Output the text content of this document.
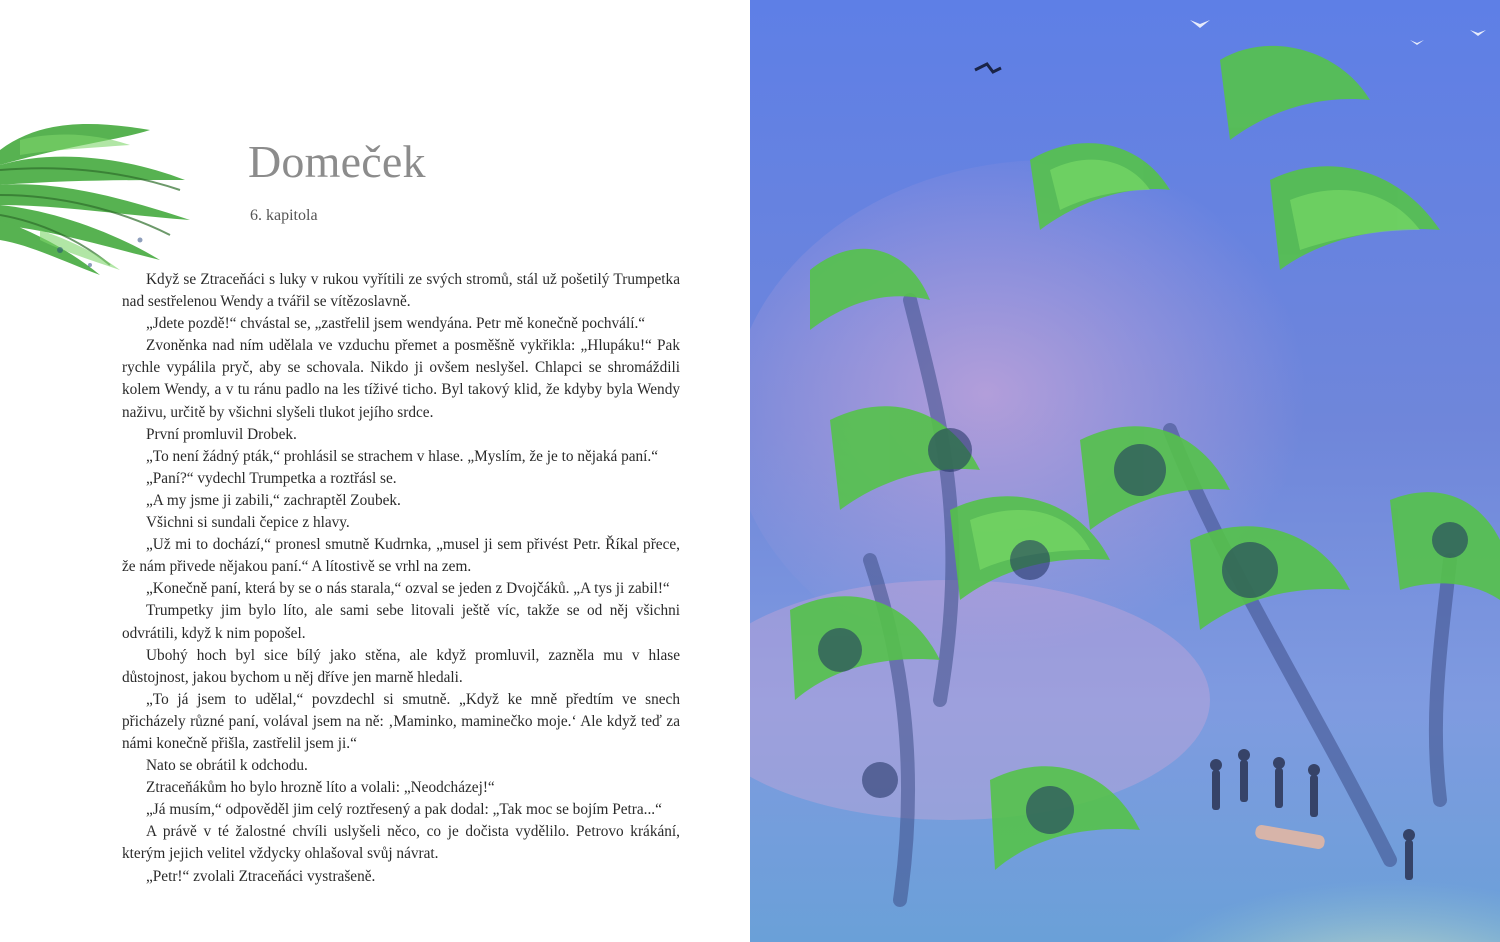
Domeček
6. kapitola

Když se Ztraceňáci s luky v rukou vyřítili ze svých stromů, stál už pošetilý Trumpetka nad sestřelenou Wendy a tvářil se vítězoslavně.

„Jdete pozdě!“ chvástal se, „zastřelil jsem wendyána. Petr mě konečně pochválí.“

Zvoněnka nad ním udělala ve vzduchu přemet a posměšně vykřikla: „Hlupáku!“ Pak rychle vypálila pryč, aby se schovala. Nikdo ji ovšem neslyšel. Chlapci se shromáždili kolem Wendy, a v tu ránu padlo na les tíživé ticho. Byl takový klid, že kdyby byla Wendy naživu, určitě by všichni slyšeli tlukot jejího srdce.

První promluvil Drobek.

„To není žádný pták,“ prohlásil se strachem v hlase. „Myslím, že je to nějaká paní.“

„Paní?“ vydechl Trumpetka a roztřásl se.

„A my jsme ji zabili,“ zachraptěl Zoubek.

Všichni si sundali čepice z hlavy.

„Už mi to dochází,“ pronesl smutně Kudrnka, „musel ji sem přivést Petr. Říkal přece, že nám přivede nějakou paní.“ A lítostivě se vrhl na zem.

„Konečně paní, která by se o nás starala,“ ozval se jeden z Dvojčáků. „A tys ji zabil!“

Trumpetky jim bylo líto, ale sami sebe litovali ještě víc, takže se od něj všichni odvrátili, když k nim popošel.

Ubohý hoch byl sice bílý jako stěna, ale když promluvil, zazněla mu v hlase důstojnost, jakou bychom u něj dříve jen marně hledali.

„To já jsem to udělal,“ povzdechl si smutně. „Když ke mně předtím ve snech přicházely různé paní, volával jsem na ně: ‚Maminko, maminečko moje.‘ Ale když teď za námi konečně přišla, zastřelil jsem ji.“

Nato se obrátil k odchodu.

Ztraceňákům ho bylo hrozně líto a volali: „Neodcházej!“

„Já musím,“ odpověděl jim celý roztřesený a pak dodal: „Tak moc se bojím Petra...“

A právě v té žalostné chvíli uslyšeli něco, co je dočista vydělilo. Petrovo krákání, kterým jejich velitel vždycky ohlašoval svůj návrat.

„Petr!“ zvolali Ztraceňáci vystrašeně.
